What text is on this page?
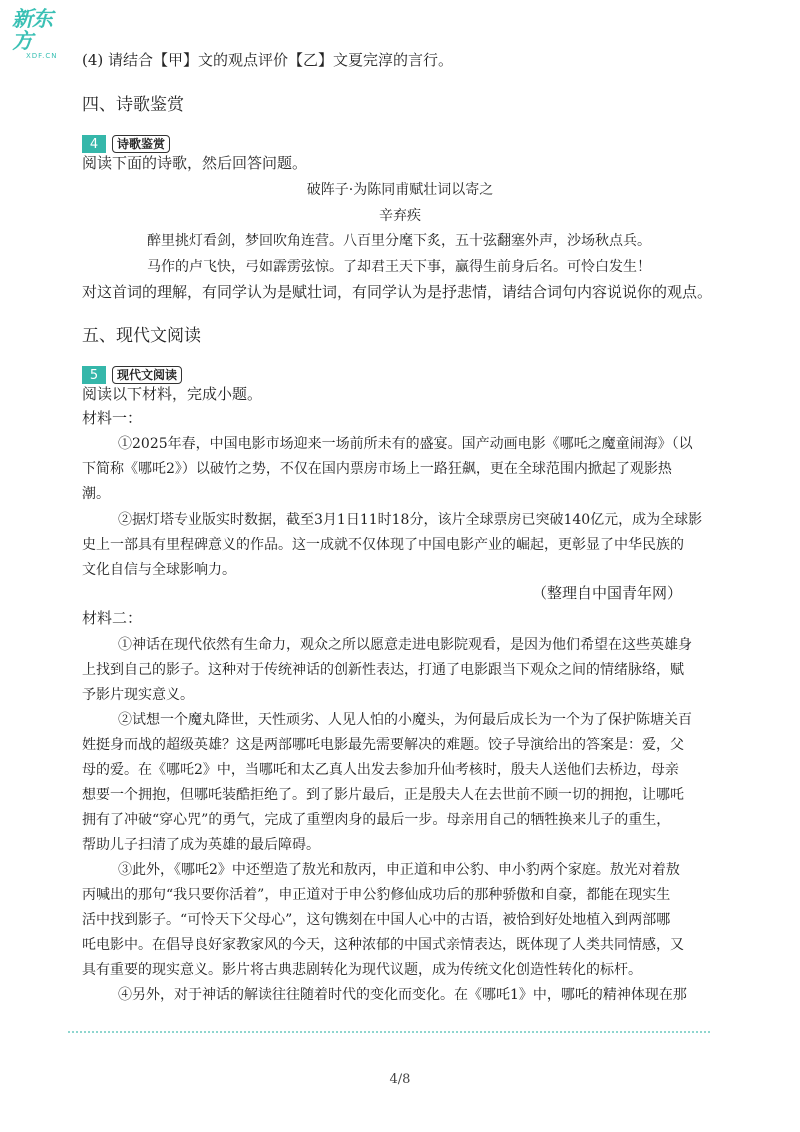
新东方
XDF.CN	(4) 请结合【甲】文的观点评价【乙】文夏完淳的言行。
四、诗歌鉴赏
4	诗歌鉴赏
阅读下面的诗歌，然后回答问题。
破阵子·为陈同甫赋壮词以寄之
辛弃疾
醉里挑灯看剑，梦回吹角连营。八百里分麾下炙，五十弦翻塞外声，沙场秋点兵。
马作的卢飞快，弓如霹雳弦惊。了却君王天下事，赢得生前身后名。可怜白发生！
对这首词的理解，有同学认为是赋壮词，有同学认为是抒悲情，请结合词句内容说说你的观点。
五、现代文阅读
5	现代文阅读
阅读以下材料，完成小题。
材料一：
①2025年春，中国电影市场迎来一场前所未有的盛宴。国产动画电影《哪吒之魔童闹海》（以
下简称《哪吒2》）以破竹之势，不仅在国内票房市场上一路狂飙，更在全球范围内掀起了观影热
潮。
②据灯塔专业版实时数据，截至3月1日11时18分，该片全球票房已突破140亿元，成为全球影
史上一部具有里程碑意义的作品。这一成就不仅体现了中国电影产业的崛起，更彰显了中华民族的
文化自信与全球影响力。
（整理自中国青年网）
材料二：
①神话在现代依然有生命力，观众之所以愿意走进电影院观看，是因为他们希望在这些英雄身
上找到自己的影子。这种对于传统神话的创新性表达，打通了电影跟当下观众之间的情绪脉络，赋
予影片现实意义。
②试想一个魔丸降世，天性顽劣、人见人怕的小魔头，为何最后成长为一个为了保护陈塘关百
姓挺身而战的超级英雄？这是两部哪吒电影最先需要解决的难题。饺子导演给出的答案是：爱，父
母的爱。在《哪吒2》中，当哪吒和太乙真人出发去参加升仙考核时，殷夫人送他们去桥边，母亲
想要一个拥抱，但哪吒装酷拒绝了。到了影片最后，正是殷夫人在去世前不顾一切的拥抱，让哪吒
拥有了冲破“穿心咒”的勇气，完成了重塑肉身的最后一步。母亲用自己的牺牲换来儿子的重生，
帮助儿子扫清了成为英雄的最后障碍。
③此外，《哪吒2》中还塑造了敖光和敖丙，申正道和申公豹、申小豹两个家庭。敖光对着敖
丙喊出的那句“我只要你活着”，申正道对于申公豹修仙成功后的那种骄傲和自豪，都能在现实生
活中找到影子。“可怜天下父母心”，这句镌刻在中国人心中的古语，被恰到好处地植入到两部哪
吒电影中。在倡导良好家教家风的今天，这种浓郁的中国式亲情表达，既体现了人类共同情感，又
具有重要的现实意义。影片将古典悲剧转化为现代议题，成为传统文化创造性转化的标杆。
④另外，对于神话的解读往往随着时代的变化而变化。在《哪吒1》中，哪吒的精神体现在那
4/8
